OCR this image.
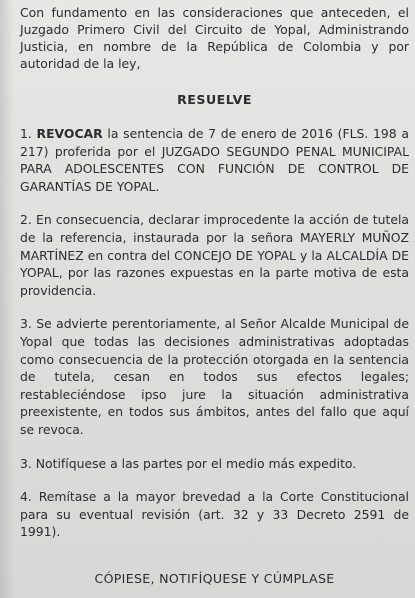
Con fundamento en las consideraciones que anteceden, el Juzgado Primero Civil del Circuito de Yopal, Administrando Justicia, en nombre de la República de Colombia y por autoridad de la ley,

RESUELVE

1. REVOCAR la sentencia de 7 de enero de 2016 (FLS. 198 a 217) proferida por el JUZGADO SEGUNDO PENAL MUNICIPAL PARA ADOLESCENTES CON FUNCIÓN DE CONTROL DE GARANTÍAS DE YOPAL.

2. En consecuencia, declarar improcedente la acción de tutela de la referencia, instaurada por la señora MAYERLY MUÑOZ MARTÍNEZ en contra del CONCEJO DE YOPAL y la ALCALDÍA DE YOPAL, por las razones expuestas en la parte motiva de esta providencia.

3. Se advierte perentoriamente, al Señor Alcalde Municipal de Yopal que todas las decisiones administrativas adoptadas como consecuencia de la protección otorgada en la sentencia de tutela, cesan en todos sus efectos legales; restableciéndose ipso jure la situación administrativa preexistente, en todos sus ámbitos, antes del fallo que aquí se revoca.

3. Notifíquese a las partes por el medio más expedito.

4. Remítase a la mayor brevedad a la Corte Constitucional para su eventual revisión (art. 32 y 33 Decreto 2591 de 1991).

CÓPIESE, NOTIFÍQUESE Y CÚMPLASE
